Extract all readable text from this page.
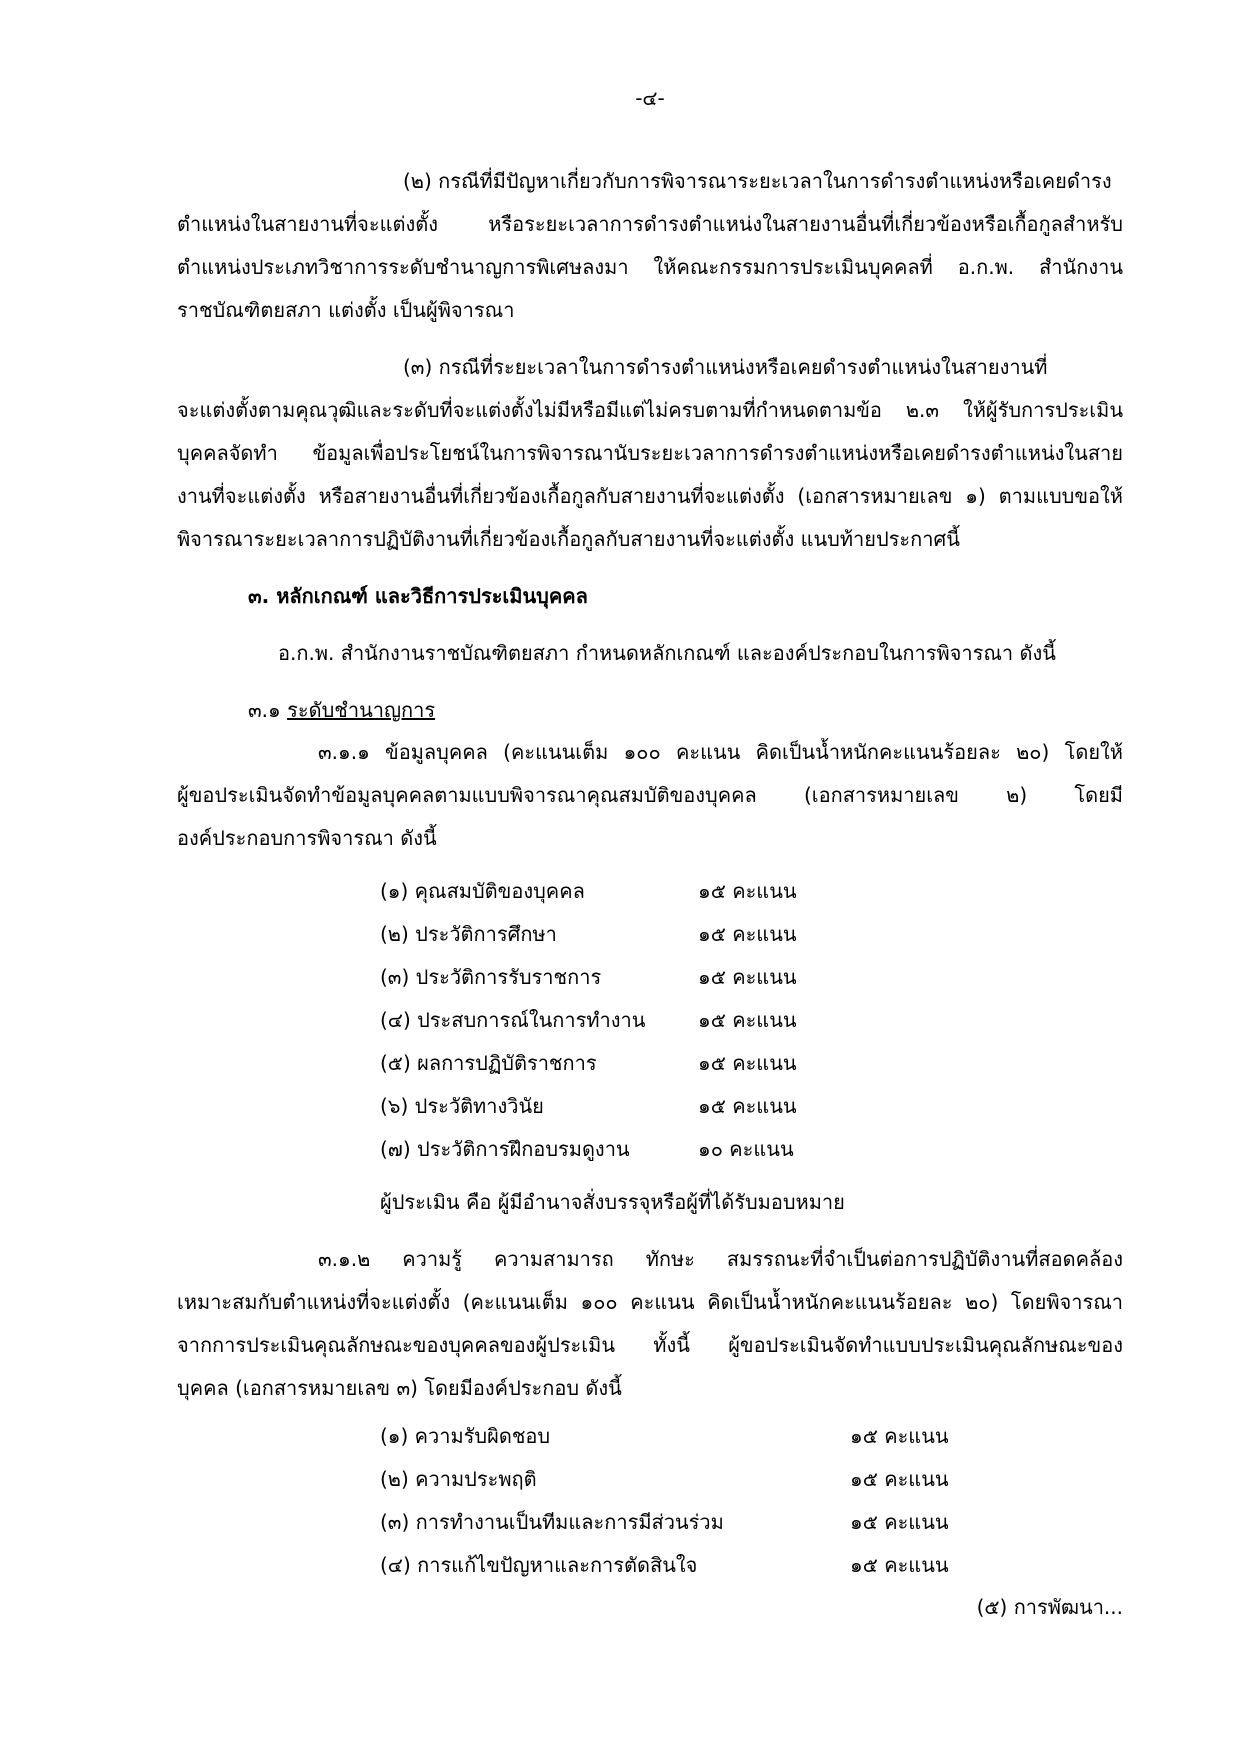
-๔-
(๒) กรณีที่มีปัญหาเกี่ยวกับการพิจารณาระยะเวลาในการดำรงตำแหน่งหรือเคยดำรง
ตำแหน่งในสายงานที่จะแต่งตั้ง หรือระยะเวลาการดำรงตำแหน่งในสายงานอื่นที่เกี่ยวข้องหรือเกื้อกูลสำหรับ
ตำแหน่งประเภทวิชาการระดับชำนาญการพิเศษลงมา ให้คณะกรรมการประเมินบุคคลที่ อ.ก.พ. สำนักงาน
ราชบัณฑิตยสภา แต่งตั้ง เป็นผู้พิจารณา
(๓) กรณีที่ระยะเวลาในการดำรงตำแหน่งหรือเคยดำรงตำแหน่งในสายงานที่
จะแต่งตั้งตามคุณวุฒิและระดับที่จะแต่งตั้งไม่มีหรือมีแต่ไม่ครบตามที่กำหนดตามข้อ ๒.๓ ให้ผู้รับการประเมิน
บุคคลจัดทำ ข้อมูลเพื่อประโยชน์ในการพิจารณานับระยะเวลาการดำรงตำแหน่งหรือเคยดำรงตำแหน่งในสาย
งานที่จะแต่งตั้ง หรือสายงานอื่นที่เกี่ยวข้องเกื้อกูลกับสายงานที่จะแต่งตั้ง (เอกสารหมายเลข ๑) ตามแบบขอให้
พิจารณาระยะเวลาการปฏิบัติงานที่เกี่ยวข้องเกื้อกูลกับสายงานที่จะแต่งตั้ง แนบท้ายประกาศนี้
๓. หลักเกณฑ์ และวิธีการประเมินบุคคล
อ.ก.พ. สำนักงานราชบัณฑิตยสภา กำหนดหลักเกณฑ์ และองค์ประกอบในการพิจารณา ดังนี้
๓.๑ ระดับชำนาญการ
๓.๑.๑ ข้อมูลบุคคล (คะแนนเต็ม ๑๐๐ คะแนน คิดเป็นน้ำหนักคะแนนร้อยละ ๒๐) โดยให้
ผู้ขอประเมินจัดทำข้อมูลบุคคลตามแบบพิจารณาคุณสมบัติของบุคคล (เอกสารหมายเลข ๒) โดยมี
องค์ประกอบการพิจารณา ดังนี้
(๑) คุณสมบัติของบุคคล	๑๕ คะแนน
(๒) ประวัติการศึกษา	๑๕ คะแนน
(๓) ประวัติการรับราชการ	๑๕ คะแนน
(๔) ประสบการณ์ในการทำงาน	๑๕ คะแนน
(๕) ผลการปฏิบัติราชการ	๑๕ คะแนน
(๖) ประวัติทางวินัย	๑๕ คะแนน
(๗) ประวัติการฝึกอบรมดูงาน	๑๐ คะแนน
ผู้ประเมิน คือ ผู้มีอำนาจสั่งบรรจุหรือผู้ที่ได้รับมอบหมาย
๓.๑.๒ ความรู้ ความสามารถ ทักษะ สมรรถนะที่จำเป็นต่อการปฏิบัติงานที่สอดคล้อง
เหมาะสมกับตำแหน่งที่จะแต่งตั้ง (คะแนนเต็ม ๑๐๐ คะแนน คิดเป็นน้ำหนักคะแนนร้อยละ ๒๐) โดยพิจารณา
จากการประเมินคุณลักษณะของบุคคลของผู้ประเมิน ทั้งนี้ ผู้ขอประเมินจัดทำแบบประเมินคุณลักษณะของ
บุคคล (เอกสารหมายเลข ๓) โดยมีองค์ประกอบ ดังนี้
(๑) ความรับผิดชอบ	๑๕ คะแนน
(๒) ความประพฤติ	๑๕ คะแนน
(๓) การทำงานเป็นทีมและการมีส่วนร่วม	๑๕ คะแนน
(๔) การแก้ไขปัญหาและการตัดสินใจ	๑๕ คะแนน
(๕) การพัฒนา...
